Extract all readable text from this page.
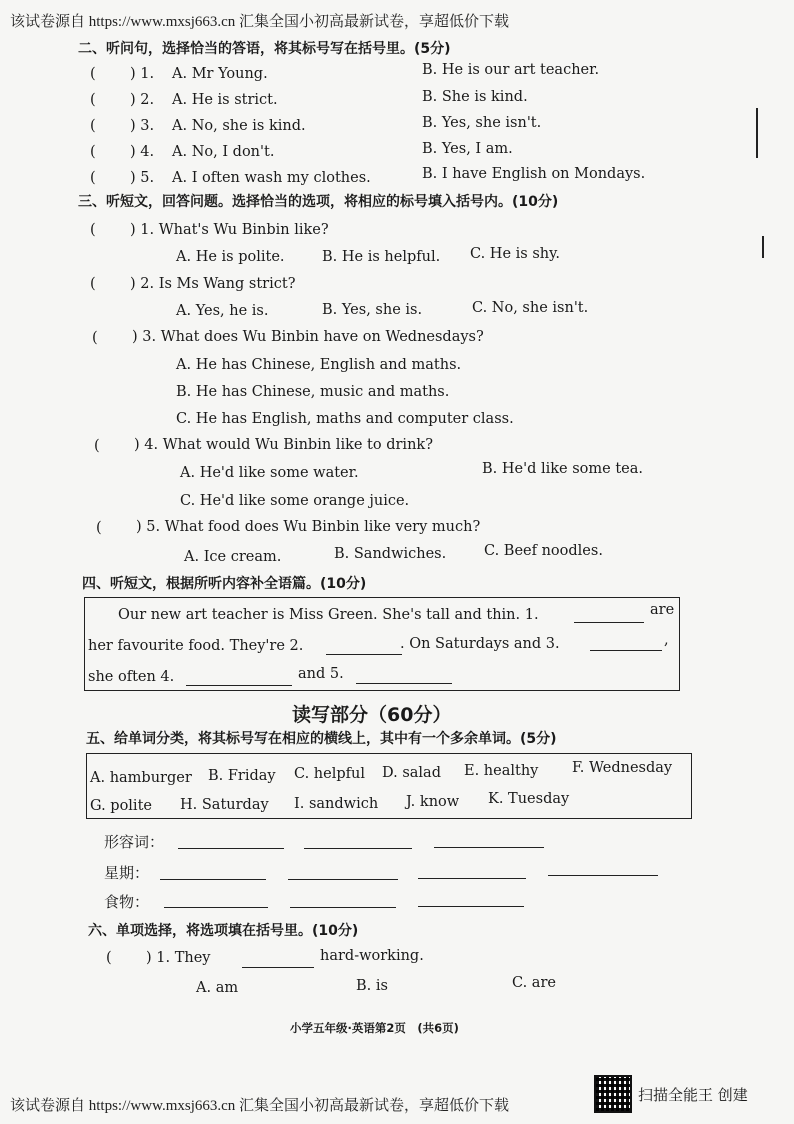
该试卷源自 https://www.mxsj663.cn 汇集全国小初高最新试卷，享超低价下载
二、听问句，选择恰当的答语，将其标号写在括号里。(5分)
( ) 1. A. Mr Young.	B. He is our art teacher.
( ) 2. A. He is strict.	B. She is kind.
( ) 3. A. No, she is kind.	B. Yes, she isn't.
( ) 4. A. No, I don't.	B. Yes, I am.
( ) 5. A. I often wash my clothes.	B. I have English on Mondays.
三、听短文，回答问题。选择恰当的选项，将相应的标号填入括号内。(10分)
( ) 1. What's Wu Binbin like?
A. He is polite.	B. He is helpful. C. He is shy.
( ) 2. Is Ms Wang strict?
A. Yes, he is.	B. Yes, she is.	C. No, she isn't.
( ) 3. What does Wu Binbin have on Wednesdays?
A. He has Chinese, English and maths.
B. He has Chinese, music and maths.
C. He has English, maths and computer class.
( ) 4. What would Wu Binbin like to drink?
A. He'd like some water.	B. He'd like some tea.
C. He'd like some orange juice.
( ) 5. What food does Wu Binbin like very much?
A. Ice cream.	B. Sandwiches.	C. Beef noodles.
四、听短文，根据所听内容补全语篇。(10分)
Our new art teacher is Miss Green. She's tall and thin. 1.	are
her favourite food. They're 2.	. On Saturdays and 3.	,
she often 4.	and 5.
读写部分（60分）
五、给单词分类，将其标号写在相应的横线上，其中有一个多余单词。(5分)
A. hamburger B. Friday C. helpful D. salad E. healthy F. Wednesday
G. polite H. Saturday I. sandwich J. know K. Tuesday
形容词：
星期：
食物：
六、单项选择，将选项填在括号里。(10分)
( ) 1. They	hard-working.
A. am	B. is	C. are
小学五年级·英语第2页　(共6页)
该试卷源自 https://www.mxsj663.cn 汇集全国小初高最新试卷，享超低价下载
扫描全能王 创建
